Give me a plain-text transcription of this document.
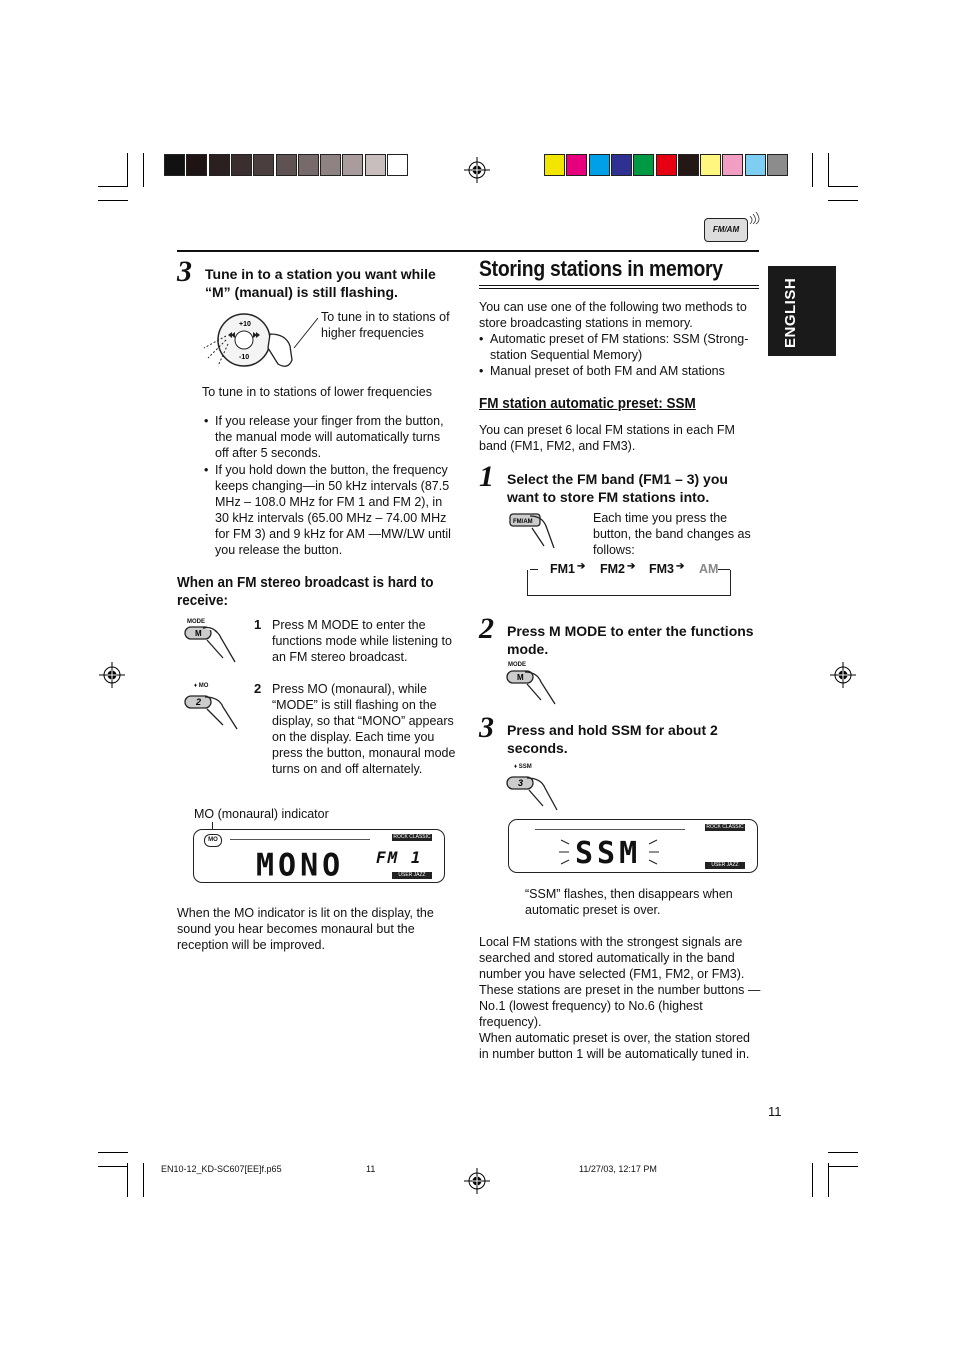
FM/AM
ENGLISH
3 Tune in to a station you want while “M” (manual) is still flashing.
+10
-10
To tune in to stations of higher frequencies
To tune in to stations of lower frequencies
• If you release your finger from the button, the manual mode will automatically turns off after 5 seconds.
• If you hold down the button, the frequency keeps changing—in 50 kHz intervals (87.5 MHz – 108.0 MHz for FM 1 and FM 2), in 30 kHz intervals (65.00 MHz – 74.00 MHz for FM 3) and 9 kHz for AM —MW/LW until you release the button.
When an FM stereo broadcast is hard to receive:
MODE
M
1 Press M MODE to enter the functions mode while listening to an FM stereo broadcast.
♦ MO
2
2 Press MO (monaural), while “MODE” is still flashing on the display, so that “MONO” appears on the display. Each time you press the button, monaural mode turns on and off alternately.
MO (monaural) indicator
MO
MONO FM 1
ROCK CLASSIC
USER JAZZ
When the MO indicator is lit on the display, the sound you hear becomes monaural but the reception will be improved.
Storing stations in memory
You can use one of the following two methods to store broadcasting stations in memory.
• Automatic preset of FM stations: SSM (Strong-station Sequential Memory)
• Manual preset of both FM and AM stations
FM station automatic preset: SSM
You can preset 6 local FM stations in each FM band (FM1, FM2, and FM3).
1 Select the FM band (FM1 – 3) you want to store FM stations into.
FM/AM	Each time you press the button, the band changes as follows:
FM1 ➔ FM2 ➔ FM3 ➔ AM
2 Press M MODE to enter the functions mode.
MODE
M
3 Press and hold SSM for about 2 seconds.
♦ SSM
3
SSM
ROCK CLASSIC
USER JAZZ
“SSM” flashes, then disappears when automatic preset is over.
Local FM stations with the strongest signals are searched and stored automatically in the band number you have selected (FM1, FM2, or FM3). These stations are preset in the number buttons —No.1 (lowest frequency) to No.6 (highest frequency).
When automatic preset is over, the station stored in number button 1 will be automatically tuned in.
11
EN10-12_KD-SC607[EE]f.p65	11	11/27/03, 12:17 PM
